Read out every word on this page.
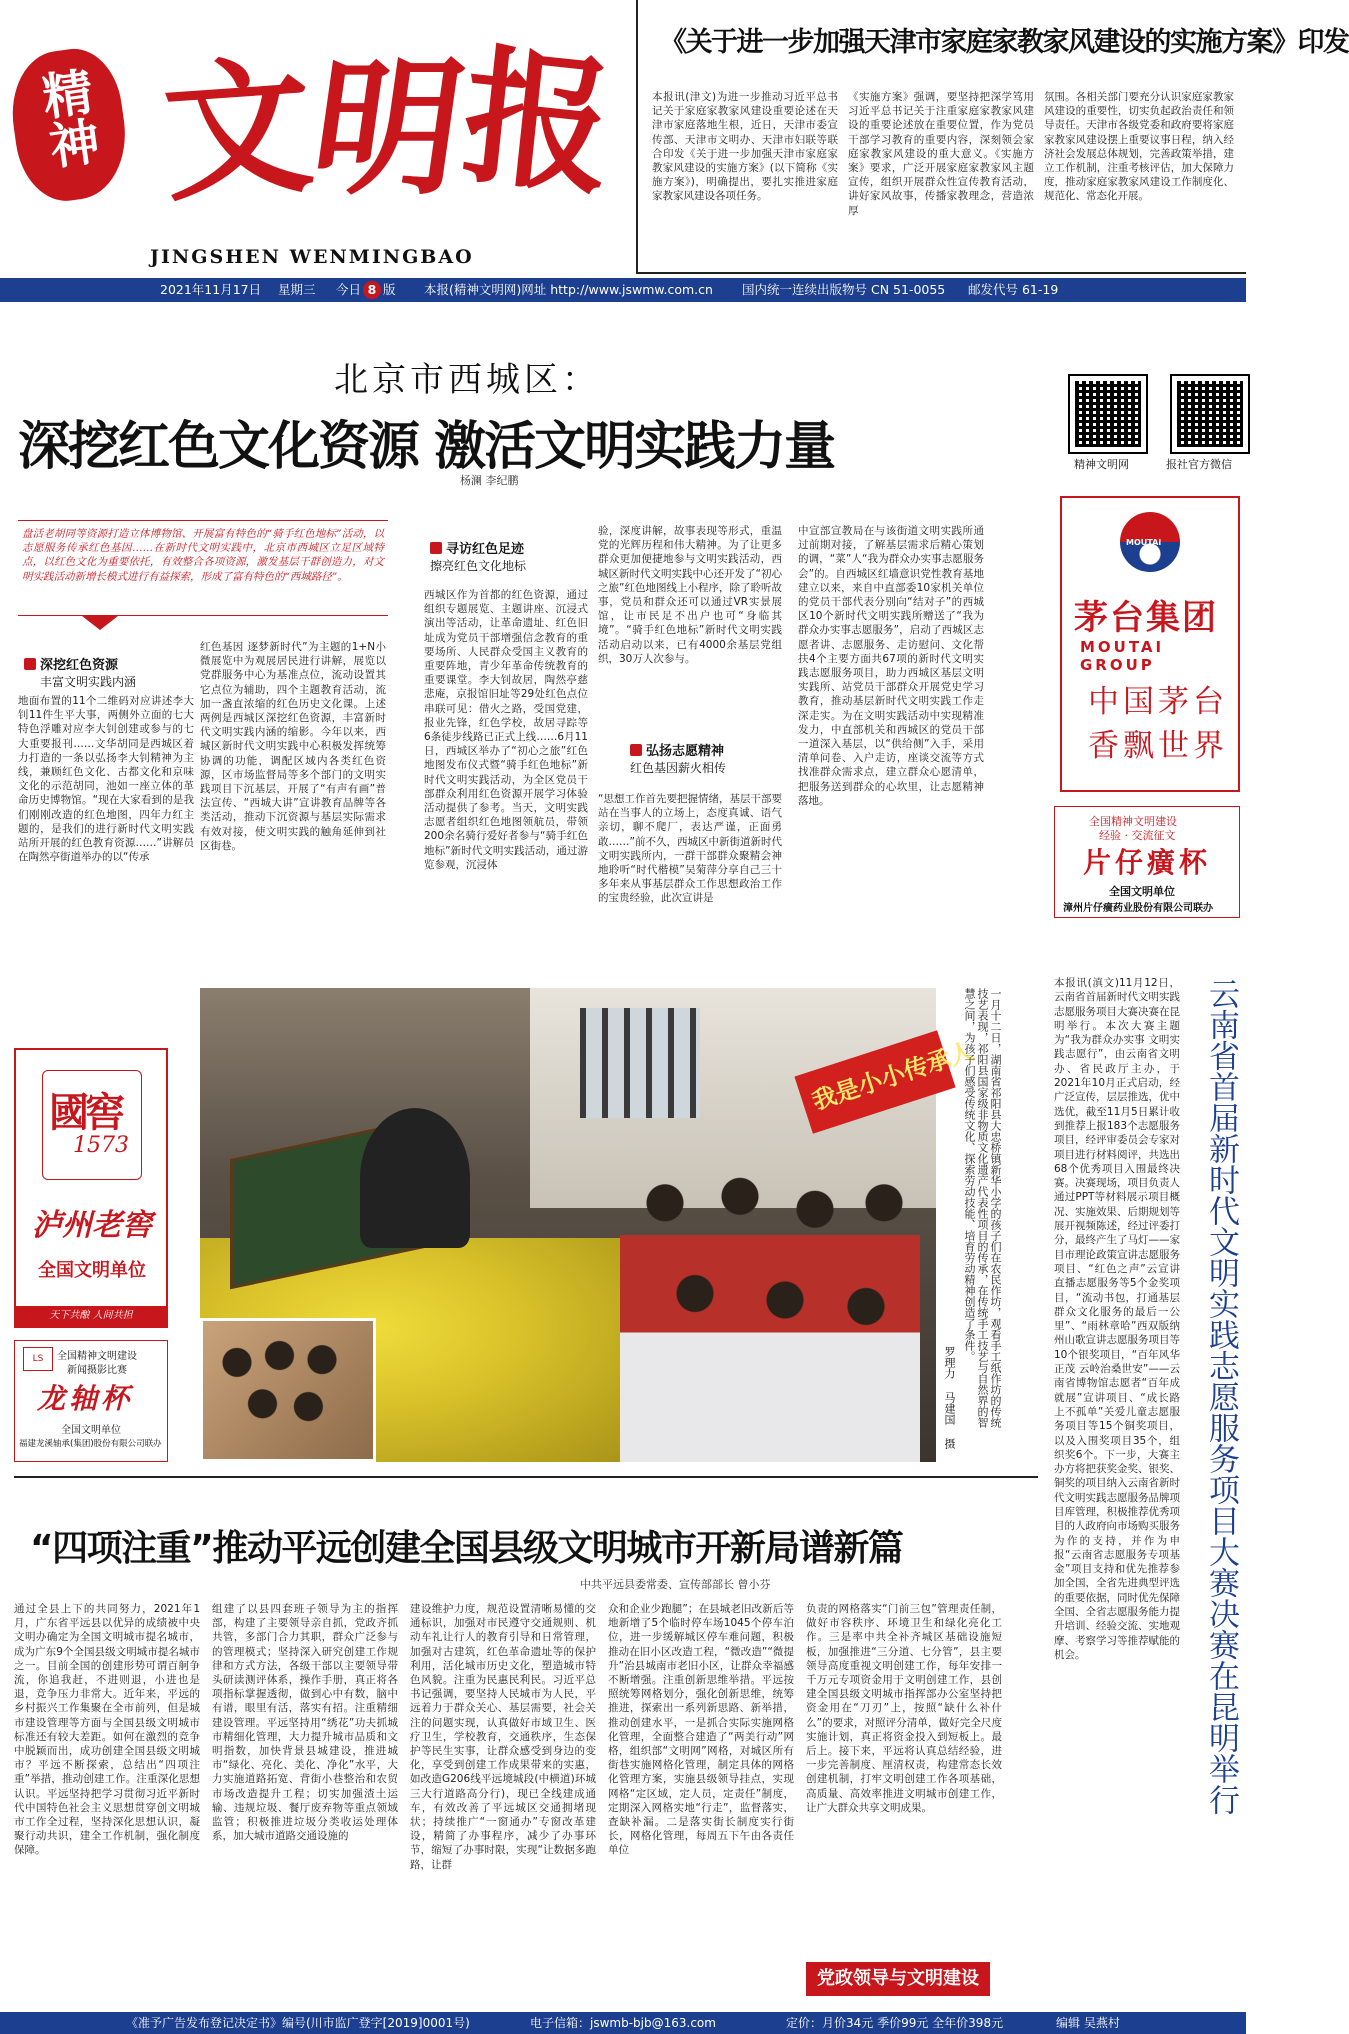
精神 文
明
报
JINGSHEN WENMINGBAO
《关于进一步加强天津市家庭家教家风建设的实施方案》印发
本报讯(津文)为进一步推动习近平总书记关于家庭家教家风建设重要论述在天津市家庭落地生根，近日，天津市委宣传部、天津市文明办、天津市妇联等联合印发《关于进一步加强天津市家庭家教家风建设的实施方案》(以下简称《实施方案》)，明确提出，要扎实推进家庭家教家风建设各项任务。
《实施方案》强调，要坚持把深学笃用习近平总书记关于注重家庭家教家风建设的重要论述放在重要位置，作为党员干部学习教育的重要内容，深刻领会家庭家教家风建设的重大意义。《实施方案》要求，广泛开展家庭家教家风主题宣传，组织开展群众性宣传教育活动，讲好家风故事，传播家教理念，营造浓厚
氛围。各相关部门要充分认识家庭家教家风建设的重要性，切实负起政治责任和领导责任。天津市各级党委和政府要将家庭家教家风建设摆上重要议事日程，纳入经济社会发展总体规划，完善政策举措，建立工作机制，注重考核评估，加大保障力度，推动家庭家教家风建设工作制度化、规范化、常态化开展。
2021年11月17日 星期三 今日 8 版 本报(精神文明网)网址 http://www.jswmw.com.cn 国内统一连续出版物号 CN 51-0055 邮发代号 61-19
北京市西城区：
深挖红色文化资源 激活文明实践力量
杨澜 李纪鹏
盘活老胡同等资源打造立体博物馆、开展富有特色的“骑手红色地标”活动，以志愿服务传承红色基因……在新时代文明实践中，北京市西城区立足区域特点，以红色文化为重要依托，有效整合各项资源，激发基层干群创造力，对文明实践活动新增长模式进行有益探索，形成了富有特色的“西城路径”。
深挖红色资源
丰富文明实践内涵
地面布置的11个二维码对应讲述李大钊11件生平大事，两侧外立面的七大特色浮雕对应李大钊创建或参与的七大重要报刊……文华胡同是西城区着力打造的一条以弘扬李大钊精神为主线，兼顾红色文化、古都文化和京味文化的示范胡同，池如一座立体的革命历史博物馆。“现在大家看到的是我们刚刚改造的红色地图，四年力红主题的，是我们的进行新时代文明实践站所开展的红色教育资源……”讲解员在陶然亭街道举办的以“传承
红色基因 逐梦新时代”为主题的1+N小微展览中为观展居民进行讲解，展览以党群服务中心为基准点位，流动设置其它点位为辅助，四个主题教育活动，流加一盏直浓缩的红色历史文化课。上述两例是西城区深挖红色资源，丰富新时代文明实践内涵的缩影。今年以来，西城区新时代文明实践中心积极发挥统筹协调的功能，调配区域内各类红色资源，区市场监督局等多个部门的文明实践项目下沉基层，开展了“有声有画”普法宣传、“西城大讲”宣讲教育品牌等各类活动，推动下沉资源与基层实际需求有效对接，使文明实践的触角延伸到社区街巷。
寻访红色足迹
擦亮红色文化地标
西城区作为首都的红色资源，通过组织专题展览、主题讲座、沉浸式演出等活动，让革命遗址、红色旧址成为党员干部增强信念教育的重要场所、人民群众受国主义教育的重要阵地，青少年革命传统教育的重要课堂。李大钊故居，陶然亭慈悲庵，京报馆旧址等29处红色点位串联可见：借火之路，受国党建，报业先锋，红色学校，故居寻踪等6条徒步线路已正式上线……6月11日，西城区举办了“初心之旅”红色地图发布仪式暨“骑手红色地标”新时代文明实践活动，为全区党员干部群众利用红色资源开展学习体验活动提供了参考。当天，文明实践志愿者组织红色地图领航员，带领200余名骑行爱好者参与“骑手红色地标”新时代文明实践活动，通过游览参观，沉浸体
验，深度讲解，故事表现等形式，重温党的光辉历程和伟大精神。为了让更多群众更加便捷地参与文明实践活动，西城区新时代文明实践中心还开发了“初心之旅”红色地图线上小程序，除了聆听故事，党员和群众还可以通过VR实景展馆，让市民足不出户也可“身临其境”。“骑手红色地标”新时代文明实践活动启动以来，已有4000余基层党组织，30万人次参与。
弘扬志愿精神
红色基因薪火相传
“思想工作首先要把握情绪，基层干部要站在当事人的立场上，态度真诚、语气亲切，聊不爬厂，表达严谨，正面勇敢……”前不久，西城区中新街道新时代文明实践所内，一群干部群众聚精会神地聆听“时代楷模”吴菊萍分享自己三十多年来从事基层群众工作思想政治工作的宝贵经验，此次宣讲是
中宣部宣教局在与该街道文明实践所通过前期对接，了解基层需求后精心策划的调，“菜”人“我为群众办实事志愿服务会”的。自西城区红墙意识党性教育基地建立以来，来自中直部委10家机关单位的党员干部代表分别向“结对子”的西城区10个新时代文明实践所赠送了“我为群众办实事志愿服务”，启动了西城区志愿者讲、志愿服务、走访慰问、文化帮扶4个主要方面共67项的新时代文明实践志愿服务项目，助力西城区基层文明实践所、站党员干部群众开展党史学习教育，推动基层新时代文明实践工作走深走实。为在文明实践活动中实现精准发力，中直部机关和西城区的党员干部一道深入基层，以“供给侧”入手，采用清单问卷、入户走访，座谈交流等方式找准群众需求点，建立群众心愿清单，把服务送到群众的心坎里，让志愿精神落地。
我是小小传承人	一月十二日，湖南省祁阳县大忠桥镇新华小学的孩子们在农民作坊，观看手工纸作坊的传统技艺表现，祁阳县国家级非物质文化遗产代表性项目的传承，在传统手工技艺与自然界的智慧之间，为孩子们感受传统文化、探索劳动技能、培育劳动精神创造了条件。
罗理力 马建国 摄
精神文明网	报社官方微信
MOUTAI
茅台集团
MOUTAI GROUP
中国茅台
香飘世界
全国精神文明建设
经验 · 交流征文
片仔癀杯
全国文明单位
漳州片仔癀药业股份有限公司联办
本报讯(滇文)11月12日，云南省首届新时代文明实践志愿服务项目大赛决赛在昆明举行。本次大赛主题为“我为群众办实事 文明实践志愿行”，由云南省文明办、省民政厅主办，于2021年10月正式启动，经广泛宣传，层层推选，优中选优，截至11月5日累计收到推荐上报183个志愿服务项目，经评审委员会专家对项目进行材料阅评，共选出68个优秀项目入围最终决赛。决赛现场，项目负责人通过PPT等材料展示项目概况、实施效果、后期规划等展开视频陈述，经过评委打分，最终产生了马灯——家目市理论政策宣讲志愿服务项目、“红色之声”云宣讲直播志愿服务等5个金奖项目，“流动书包，打通基层群众文化服务的最后一公里”、“雨林章哈”西双版纳州山歌宣讲志愿服务项目等10个银奖项目，“百年风华正茂 云岭治桑世安”——云南省博物馆志愿者“百年成就展”宣讲项目、“成长路上不孤单”关爱儿童志愿服务项目等15个铜奖项目，以及入围奖项目35个，组织奖6个。下一步，大赛主办方将把获奖金奖、银奖、铜奖的项目纳入云南省新时代文明实践志愿服务品牌项目库管理，积极推荐优秀项目的人政府向市场购买服务为作的支持，并作为申报“云南省志愿服务专项基金”项目支持和优先推荐参加全国，全省先进典型评选的重要依据，同时优先保障全国、全省志愿服务能力提升培训、经验交流、实地观摩、考察学习等推荐赋能的机会。	云南省首届新时代文明实践志愿服务项目大赛决赛在昆明举行
國窖
1573
泸州老窖
全国文明单位
天下共酿 人间共担
LS	全国精神文明建设
新闻摄影比赛
龙轴杯
全国文明单位
福建龙溪轴承(集团)股份有限公司联办
“四项注重”推动平远创建全国县级文明城市开新局谱新篇
中共平远县委常委、宣传部部长 曾小芬
通过全县上下的共同努力，2021年1月，广东省平远县以优异的成绩被中央文明办确定为全国文明城市提名城市，成为广东9个全国县级文明城市提名城市之一。目前全国的创建形势可谓百舸争流，你追我赶，不进则退，小进也是退，竞争压力非常大。近年来，平远的乡村振兴工作集聚在全市前列，但是城市建设管理等方面与全国县级文明城市标准还有较大差距。如何在激烈的竞争中脱颖而出，成功创建全国县级文明城市？平远不断探索，总结出“四项注重”举措，推动创建工作。注重深化思想认识。平远坚持把学习贯彻习近平新时代中国特色社会主义思想贯穿创文明城市工作全过程，坚持深化思想认识，凝聚行动共识，建全工作机制，强化制度保障。
组建了以县四套班子领导为主的指挥部，构建了主要领导亲自抓，党政齐抓共管，多部门合力其职，群众广泛参与的管理模式；坚持深入研究创建工作规律和方式方法，各级干部以主要领导带头研读测评体系，操作手册，真正将各项指标掌握透彻，做到心中有数，脑中有谱，眼里有活，落实有招。注重精细建设管理。平远坚持用“绣花”功夫抓城市精细化管理，大力提升城市品质和文明指数，加快背景县城建设，推进城市“绿化、亮化、美化、净化”水平，大力实施道路拓宽、背街小巷整治和农贸市场改造提升工程；切实加强渣土运输、违规垃圾、餐厅废弃物等重点领域监管；积极推进垃圾分类收运处理体系，加大城市道路交通设施的
建设维护力度，规范设置清晰易懂的交通标识，加强对市民遵守交通规则、机动车礼让行人的教育引导和日常管理，加强对古建筑，红色革命遗址等的保护利用，活化城市历史文化，塑造城市特色风貌。注重为民惠民利民。习近平总书记强调，要坚持人民城市为人民，平远着力于群众关心、基层需要，社会关注的问题实现，认真做好市域卫生、医疗卫生，学校教育，交通秩序，生态保护等民生实事，让群众感受到身边的变化，享受到创建工作成果带来的实惠，如改造G206线平远境城段(中横道)环城三大行道路高分行)，现已全线建成通车，有效改善了平远城区交通拥堵现状；持续推广“一窗通办”专窗改革建设，精简了办事程序，减少了办事环节，缩短了办事时限，实现“让数据多跑路，让群
众和企业少跑腿”；在县城老旧改新后等地新增了5个临时停车场1045个停车泊位，进一步缓解城区停车难问题，积极推动在旧小区改造工程，“微改造”“微提升”治县城南市老旧小区，让群众幸福感不断增强。注重创新思维举措。平远按照统筹网格划分，强化创新思维，统筹推进，探索出一系列新思路、新举措，推动创建水平，一是抓合实际实施网格化管理，全面整合建造了“两美行动”网格，组织部“文明网”网格，对城区所有街巷实施网格化管理，制定具体的网格化管理方案，实施县级领导挂点，实现网格“定区域，定人员，定责任”制度，定期深入网格实地“行走”，监督落实，查缺补漏。二是落实街长制度实行街长，网格化管理，每周五下午由各责任单位
负责的网格落实“门前三包”管理责任制，做好市容秩序、环境卫生和绿化亮化工作。三是率中共全补齐城区基础设施短板，加强推进“三分道、七分管”，县主要领导高度重视文明创建工作，每年安排一千万元专项资金用于文明创建工作，县创建全国县级文明城市指挥部办公室坚持把资金用在“刀刃”上，按照“缺什么补什么”的要求，对照评分清单，做好完全尺度实施计划，真正将资金投入到短板上。最后上。接下来，平远将认真总结经验，进一步完善制度、厘清权责，构建常态长效创建机制，打牢文明创建工作各项基础，高质量、高效率推进文明城市创建工作，让广大群众共享文明成果。
党政领导与文明建设
《准予广告发布登记决定书》编号(川市监广登字[2019]0001号)	电子信箱：jswmb-bjb@163.com	定价：月价34元 季价99元 全年价398元	编辑 吴燕村
